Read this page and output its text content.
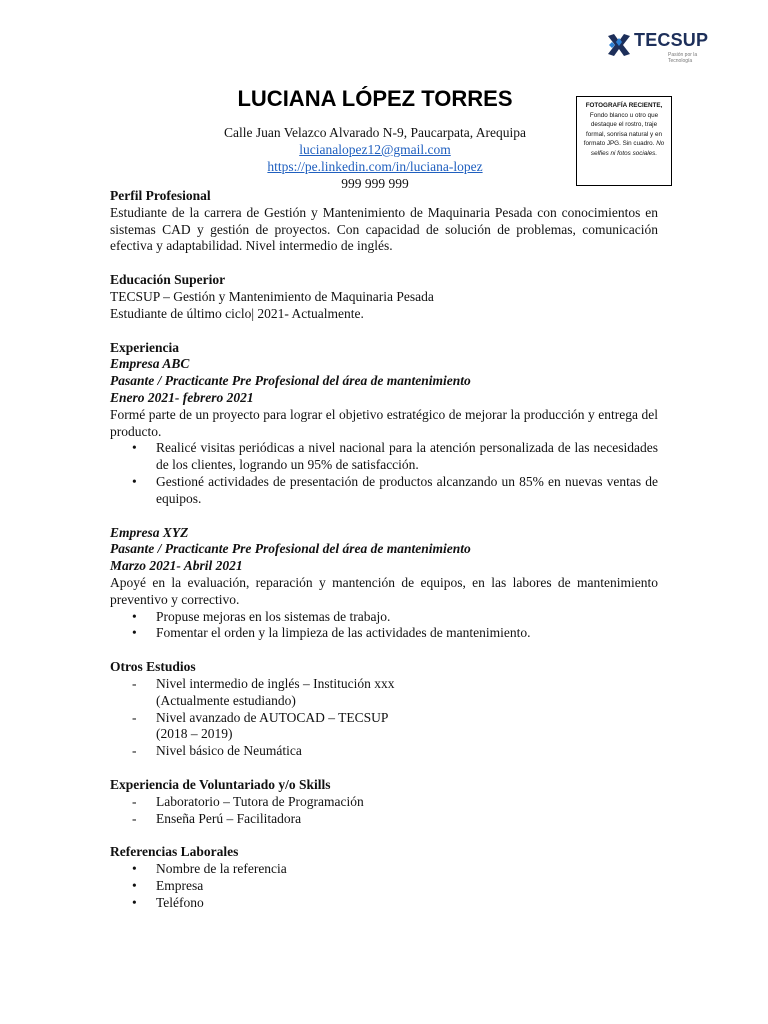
TECSUP
Pasión por la Tecnología
LUCIANA LÓPEZ TORRES
Calle Juan Velazco Alvarado N-9, Paucarpata, Arequipa
lucianalopez12@gmail.com
https://pe.linkedin.com/in/luciana-lopez
999 999 999
FOTOGRAFÍA RECIENTE, Fondo blanco u otro que destaque el rostro, traje formal, sonrisa natural y en formato JPG. Sin cuadro. No selfies ni fotos sociales.

Perfil Profesional

Estudiante de la carrera de Gestión y Mantenimiento de Maquinaria Pesada con conocimientos en sistemas CAD y gestión de proyectos. Con capacidad de solución de problemas, comunicación efectiva y adaptabilidad. Nivel intermedio de inglés.

Educación Superior

TECSUP – Gestión y Mantenimiento de Maquinaria Pesada

Estudiante de último ciclo| 2021- Actualmente.

Experiencia

Empresa ABC

Pasante / Practicante Pre Profesional del área de mantenimiento

Enero 2021- febrero 2021

Formé parte de un proyecto para lograr el objetivo estratégico de mejorar la producción y entrega del producto.

• Realicé visitas periódicas a nivel nacional para la atención personalizada de las necesidades de los clientes, logrando un 95% de satisfacción.
• Gestioné actividades de presentación de productos alcanzando un 85% en nuevas ventas de equipos.

Empresa XYZ

Pasante / Practicante Pre Profesional del área de mantenimiento

Marzo 2021- Abril 2021

Apoyé en la evaluación, reparación y mantención de equipos, en las labores de mantenimiento preventivo y correctivo.

• Propuse mejoras en los sistemas de trabajo.
• Fomentar el orden y la limpieza de las actividades de mantenimiento.

Otros Estudios

- Nivel intermedio de inglés – Institución xxx
(Actualmente estudiando)
- Nivel avanzado de AUTOCAD – TECSUP
(2018 – 2019)
- Nivel básico de Neumática

Experiencia de Voluntariado y/o Skills

- Laboratorio – Tutora de Programación
- Enseña Perú – Facilitadora

Referencias Laborales

• Nombre de la referencia
• Empresa
• Teléfono
